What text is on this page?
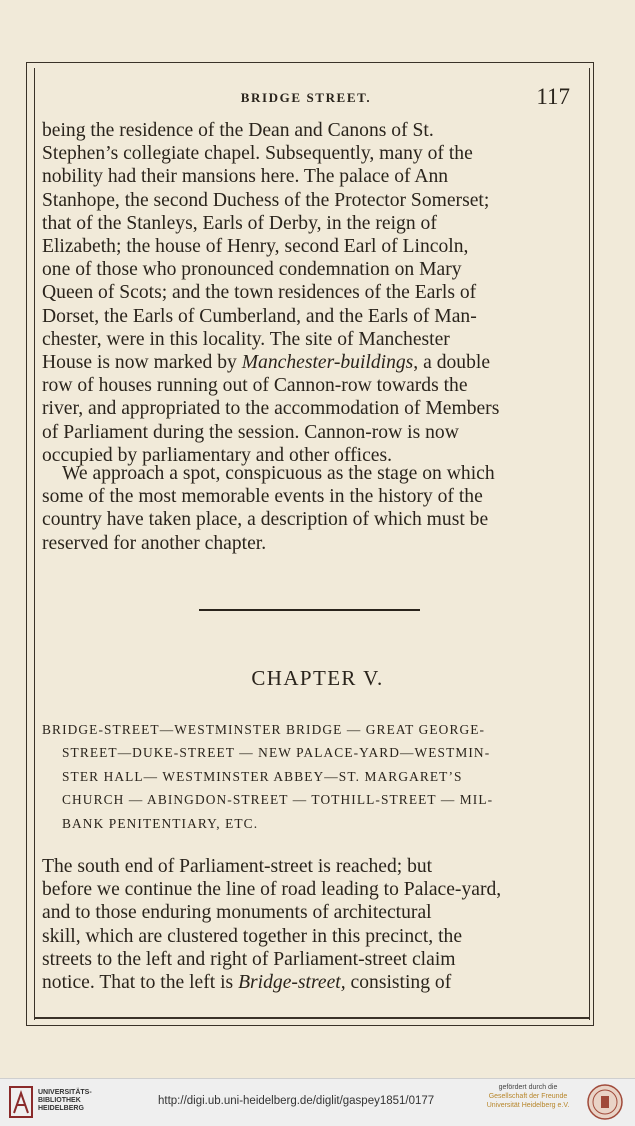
BRIDGE STREET.	117
being the residence of the Dean and Canons of St.
Stephen’s collegiate chapel. Subsequently, many of the
nobility had their mansions here. The palace of Ann
Stanhope, the second Duchess of the Protector Somerset;
that of the Stanleys, Earls of Derby, in the reign of
Elizabeth; the house of Henry, second Earl of Lincoln,
one of those who pronounced condemnation on Mary
Queen of Scots; and the town residences of the Earls of
Dorset, the Earls of Cumberland, and the Earls of Man-
chester, were in this locality. The site of Manchester
House is now marked by Manchester-buildings, a double
row of houses running out of Cannon-row towards the
river, and appropriated to the accommodation of Members
of Parliament during the session. Cannon-row is now
occupied by parliamentary and other offices.
We approach a spot, conspicuous as the stage on which
some of the most memorable events in the history of the
country have taken place, a description of which must be
reserved for another chapter.
CHAPTER V.
BRIDGE-STREET—WESTMINSTER BRIDGE — GREAT GEORGE-
STREET—DUKE-STREET — NEW PALACE-YARD—WESTMIN-
STER HALL— WESTMINSTER ABBEY—ST. MARGARET’S
CHURCH — ABINGDON-STREET — TOTHILL-STREET — MIL-
BANK PENITENTIARY, ETC.
The south end of Parliament-street is reached; but
before we continue the line of road leading to Palace-yard,
and to those enduring monuments of architectural
skill, which are clustered together in this precinct, the
streets to the left and right of Parliament-street claim
notice. That to the left is Bridge-street, consisting of
UNIVERSITÄTS-
BIBLIOTHEK
HEIDELBERG
http://digi.ub.uni-heidelberg.de/diglit/gaspey1851/0177
gefördert durch die
Gesellschaft der Freunde
Universität Heidelberg e.V.
